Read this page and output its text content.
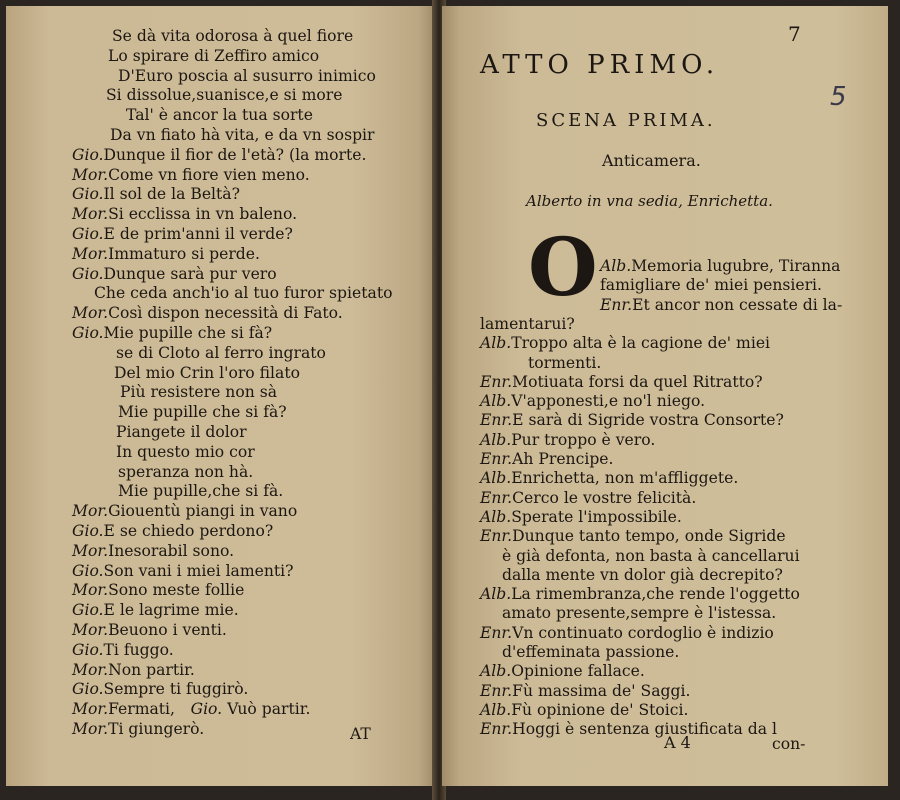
Se dà vita odorosa à quel fiore
Lo spirare di Zeffiro amico
D'Euro poscia al susurro inimico
Si dissolue,suanisce,e si more
Tal' è ancor la tua sorte
Da vn fiato hà vita, e da vn sospir
Gio.Dunque il fior de l'età? (la morte.
Mor.Come vn fiore vien meno.
Gio.Il sol de la Beltà?
Mor.Si ecclissa in vn baleno.
Gio.E de prim'anni il verde?
Mor.Immaturo si perde.
Gio.Dunque sarà pur vero
Che ceda anch'io al tuo furor spietato
Mor.Così dispon necessità di Fato.
Gio.Mie pupille che si fà?
se di Cloto al ferro ingrato
Del mio Crin l'oro filato
Più resistere non sà
Mie pupille che si fà?
Piangete il dolor
In questo mio cor
speranza non hà.
Mie pupille,che si fà.
Mor.Giouentù piangi in vano
Gio.E se chiedo perdono?
Mor.Inesorabil sono.
Gio.Son vani i miei lamenti?
Mor.Sono meste follie
Gio.E le lagrime mie.
Mor.Beuono i venti.
Gio.Ti fuggo.
Mor.Non partir.
Gio.Sempre ti fuggirò.
Mor.Fermati,  Gio. Vuò partir.
Mor.Ti giungerò.	AT
7
ATTO PRIMO.
5
SCENA PRIMA.
Anticamera.
Alberto in vna sedia, Enrichetta.
O
A 4	con-
Alb.Memoria lugubre, Tiranna
famigliare de' miei pensieri.
Enr.Et ancor non cessate di la-
lamentarui?
Alb.Troppo alta è la cagione de' miei
tormenti.
Enr.Motiuata forsi da quel Ritratto?
Alb.V'apponesti,e no'l niego.
Enr.E sarà di Sigride vostra Consorte?
Alb.Pur troppo è vero.
Enr.Ah Prencipe.
Alb.Enrichetta, non m'affliggete.
Enr.Cerco le vostre felicità.
Alb.Sperate l'impossibile.
Enr.Dunque tanto tempo, onde Sigride
è già defonta, non basta à cancellarui
dalla mente vn dolor già decrepito?
Alb.La rimembranza,che rende l'oggetto
amato presente,sempre è l'istessa.
Enr.Vn continuato cordoglio è indizio
d'effeminata passione.
Alb.Opinione fallace.
Enr.Fù massima de' Saggi.
Alb.Fù opinione de' Stoici.
Enr.Hoggi è sentenza giustificata da l
